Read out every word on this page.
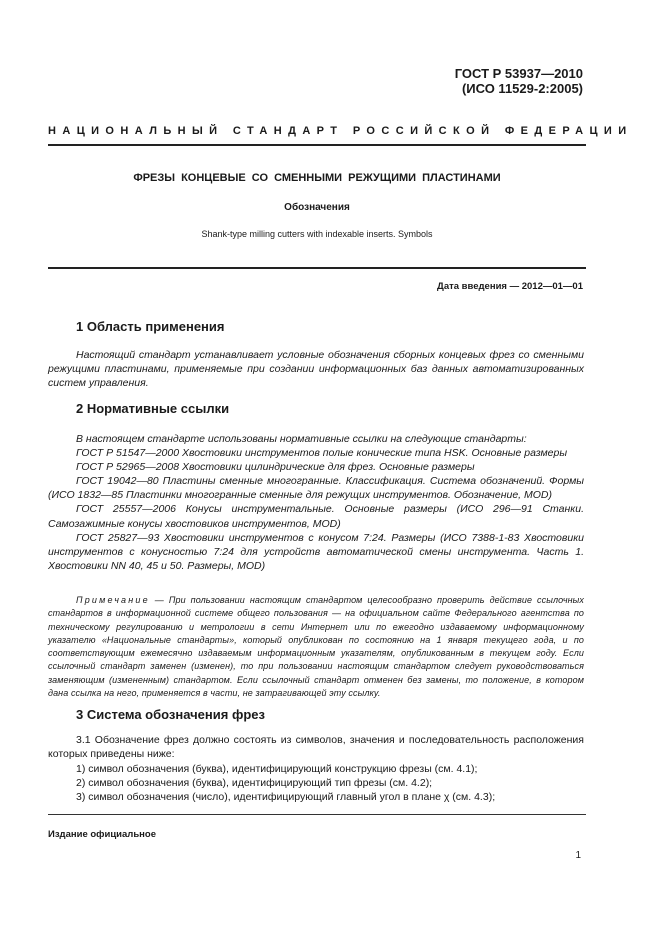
ГОСТ Р 53937—2010
(ИСО 11529-2:2005)
НАЦИОНАЛЬНЫЙ СТАНДАРТ РОССИЙСКОЙ ФЕДЕРАЦИИ
ФРЕЗЫ КОНЦЕВЫЕ СО СМЕННЫМИ РЕЖУЩИМИ ПЛАСТИНАМИ
Обозначения
Shank-type milling cutters with indexable inserts. Symbols
Дата введения — 2012—01—01
1 Область применения
Настоящий стандарт устанавливает условные обозначения сборных концевых фрез со сменными режущими пластинами, применяемые при создании информационных баз данных автоматизированных систем управления.
2 Нормативные ссылки

В настоящем стандарте использованы нормативные ссылки на следующие стандарты:

ГОСТ Р 51547—2000 Хвостовики инструментов полые конические типа HSK. Основные размеры

ГОСТ Р 52965—2008 Хвостовики цилиндрические для фрез. Основные размеры

ГОСТ 19042—80 Пластины сменные многогранные. Классификация. Система обозначений. Формы (ИСО 1832—85 Пластинки многогранные сменные для режущих инструментов. Обозначение, MOD)

ГОСТ 25557—2006 Конусы инструментальные. Основные размеры (ИСО 296—91 Станки. Самозажимные конусы хвостовиков инструментов, MOD)

ГОСТ 25827—93 Хвостовики инструментов с конусом 7:24. Размеры (ИСО 7388-1-83 Хвостовики инструментов с конусностью 7:24 для устройств автоматической смены инструмента. Часть 1. Хвостовики NN 40, 45 и 50. Размеры, MOD)

Примечание — При пользовании настоящим стандартом целесообразно проверить действие ссылочных стандартов в информационной системе общего пользования — на официальном сайте Федерального агентства по техническому регулированию и метрологии в сети Интернет или по ежегодно издаваемому информационному указателю «Национальные стандарты», который опубликован по состоянию на 1 января текущего года, и по соответствующим ежемесячно издаваемым информационным указателям, опубликованным в текущем году. Если ссылочный стандарт заменен (изменен), то при пользовании настоящим стандартом следует руководствоваться заменяющим (измененным) стандартом. Если ссылочный стандарт отменен без замены, то положение, в котором дана ссылка на него, применяется в части, не затрагивающей эту ссылку.
3 Система обозначения фрез

3.1 Обозначение фрез должно состоять из символов, значения и последовательность расположения которых приведены ниже:

1) символ обозначения (буква), идентифицирующий конструкцию фрезы (см. 4.1);

2) символ обозначения (буква), идентифицирующий тип фрезы (см. 4.2);

3) символ обозначения (число), идентифицирующий главный угол в плане χ (см. 4.3);

Издание официальное
1
